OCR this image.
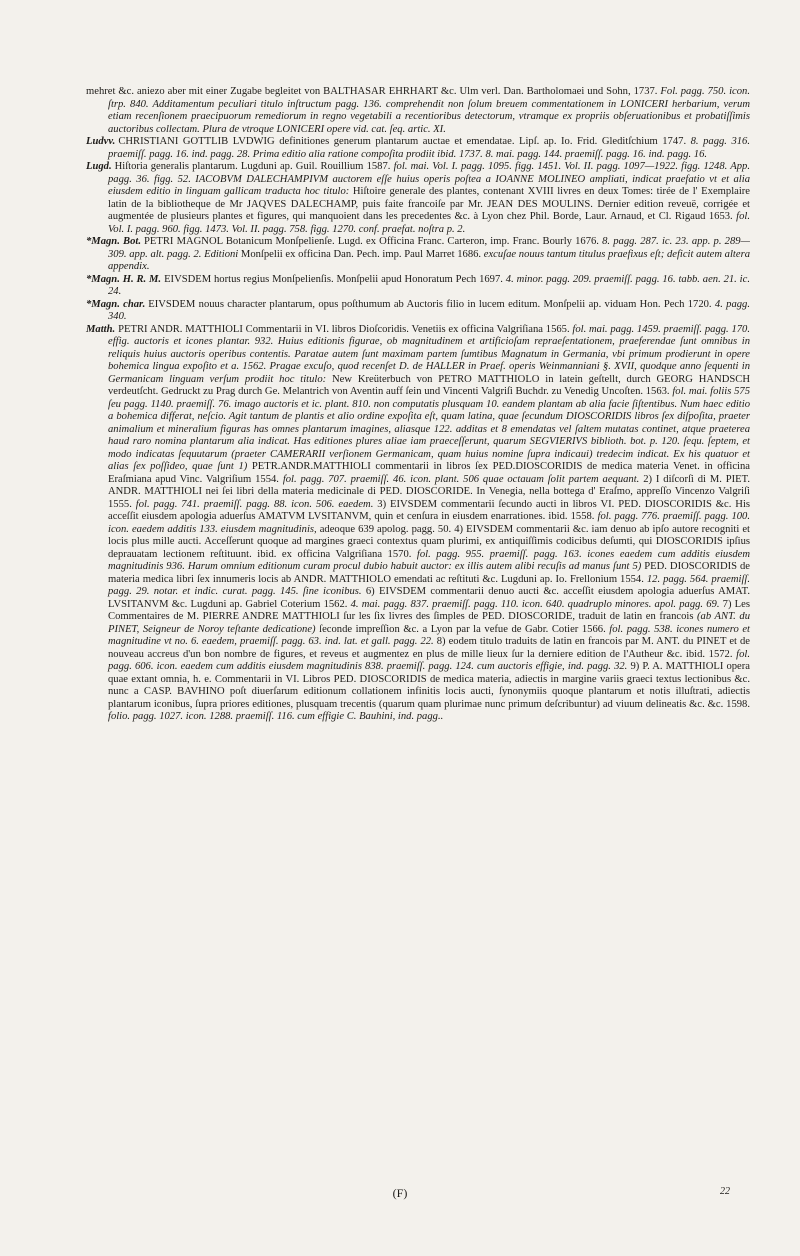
mehret &c. aniezo aber mit einer Zugabe begleitet von BALTHASAR EHRHART &c. Ulm verl. Dan. Bartholomaei und Sohn, 1737. Fol. pagg. 750. icon. ſtrp. 840. Additamentum peculiari titulo inſtructum pagg. 136. comprehendit non ſolum breuem commentationem in LONICERI herbarium, verum etiam recenſionem praecipuorum remediorum in regno vegetabili a recentioribus detectorum, vtramque ex propriis obſeruationibus et probatiſſimis auctoribus collectam. Plura de vtroque LONICERI opere vid. cat. ſeq. artic. XI.

Ludvv. CHRISTIANI GOTTLIB LVDWIG definitiones generum plantarum auctae et emendatae. Lipſ. ap. Io. Frid. Gleditſchium 1747. 8. pagg. 316. praemiſſ. pagg. 16. ind. pagg. 28. Prima editio alia ratione compoſita prodiit ibid. 1737. 8. mai. pagg. 144. praemiſſ. pagg. 16. ind. pagg. 16.

Lugd. Hiſtoria generalis plantarum. Lugduni ap. Guil. Rouillium 1587. fol. mai. Vol. I. pagg. 1095. figg. 1451. Vol. II. pagg. 1097—1922. figg. 1248. App. pagg. 36. figg. 52. IACOBVM DALECHAMPIVM auctorem eſſe huius operis poſtea a IOANNE MOLINEO ampliati, indicat praefatio vt et alia eiusdem editio in linguam gallicam traducta hoc titulo: Hiſtoire generale des plantes, contenant XVIII livres en deux Tomes: tirée de l' Exemplaire latin de la bibliotheque de Mr JAQVES DALECHAMP, puis faite francoiſe par Mr. JEAN DES MOULINS. Dernier edition reveuë, corrigée et augmentée de plusieurs plantes et figures, qui manquoient dans les precedentes &c. à Lyon chez Phil. Borde, Laur. Arnaud, et Cl. Rigaud 1653. fol. Vol. I. pagg. 960. figg. 1473. Vol. II. pagg. 758. figg. 1270. conf. praefat. noſtra p. 2.

*Magn. Bot. PETRI MAGNOL Botanicum Monſpelienſe. Lugd. ex Officina Franc. Carteron, imp. Franc. Bourly 1676. 8. pagg. 287. ic. 23. app. p. 289—309. app. alt. pagg. 2. Editioni Monſpelii ex officina Dan. Pech. imp. Paul Marret 1686. excuſae nouus tantum titulus praefixus eſt; deficit autem altera appendix.

*Magn. H. R. M. EIVSDEM hortus regius Monſpelienſis. Monſpelii apud Honoratum Pech 1697. 4. minor. pagg. 209. praemiſſ. pagg. 16. tabb. aen. 21. ic. 24.

*Magn. char. EIVSDEM nouus character plantarum, opus poſthumum ab Auctoris filio in lucem editum. Monſpelii ap. viduam Hon. Pech 1720. 4. pagg. 340.

Matth. PETRI ANDR. MATTHIOLI Commentarii in VI. libros Dioſcoridis. Venetiis ex officina Valgriſiana 1565. fol. mai. pagg. 1459. praemiſſ. pagg. 170. effig. auctoris et icones plantar. 932. Huius editionis figurae, ob magnitudinem et artificioſam repraeſentationem, praeferendae ſunt omnibus in reliquis huius auctoris operibus contentis. Paratae autem ſunt maximam partem ſumtibus Magnatum in Germania, vbi primum prodierunt in opere bohemica lingua expoſito et a. 1562. Pragae excuſo, quod recenſet D. de HALLER in Praef. operis Weinmanniani §. XVII, quodque anno ſequenti in Germanicam linguam verſum prodiit hoc titulo: New Kreüterbuch von PETRO MATTHIOLO in latein geſtellt, durch GEORG HANDSCH verdeutſcht. Gedruckt zu Prag durch Ge. Melantrich von Aventin auff ſein und Vincenti Valgriſi Buchdr. zu Venedig Uncoſten. 1563. fol. mai. foliis 575 ſeu pagg. 1140. praemiſſ. 76. imago auctoris et ic. plant. 810. non computatis plusquam 10. eandem plantam ab alia facie ſiſtentibus. Num haec editio a bohemica differat, neſcio. Agit tantum de plantis et alio ordine expoſita eſt, quam latina, quae ſecundum DIOSCORIDIS libros ſex diſpoſita, praeter animalium et mineralium figuras has omnes plantarum imagines, aliasque 122. additas et 8 emendatas vel ſaltem mutatas continet, atque praeterea haud raro nomina plantarum alia indicat. Has editiones plures aliae iam praeceſſerunt, quarum SEGVIERIVS biblioth. bot. p. 120. ſequ. ſeptem, et modo indicatas ſequutarum (praeter CAMERARII verſionem Germanicam, quam huius nomine ſupra indicaui) tredecim indicat. Ex his quatuor et alias ſex poſſideo, quae ſunt 1) PETR.ANDR.MATTHIOLI commentarii in libros ſex PED.DIOSCORIDIS de medica materia Venet. in officina Eraſmiana apud Vinc. Valgriſium 1554. fol. pagg. 707. praemiſſ. 46. icon. plant. 506 quae octauam ſolit partem aequant. 2) I diſcorſi di M. PIET. ANDR. MATTHIOLI nei ſei libri della materia medicinale di PED. DIOSCORIDE. In Venegia, nella bottega d' Eraſmo, appreſſo Vincenzo Valgriſi 1555. fol. pagg. 741. praemiſſ. pagg. 88. icon. 506. eaedem. 3) EIVSDEM commentarii ſecundo aucti in libros VI. PED. DIOSCORIDIS &c. His acceſſit eiusdem apologia aduerſus AMATVM LVSITANVM, quin et cenſura in eiusdem enarrationes. ibid. 1558. fol. pagg. 776. praemiſſ. pagg. 100. icon. eaedem additis 133. eiusdem magnitudinis, adeoque 639 apolog. pagg. 50. 4) EIVSDEM commentarii &c. iam denuo ab ipſo autore recogniti et locis plus mille aucti. Acceſſerunt quoque ad margines graeci contextus quam plurimi, ex antiquiſſimis codicibus deſumti, qui DIOSCORIDIS ipſius deprauatam lectionem reſtituunt. ibid. ex officina Valgriſiana 1570. fol. pagg. 955. praemiſſ. pagg. 163. icones eaedem cum additis eiusdem magnitudinis 936. Harum omnium editionum curam procul dubio habuit auctor: ex illis autem alibi recuſis ad manus ſunt 5) PED. DIOSCORIDIS de materia medica libri ſex innumeris locis ab ANDR. MATTHIOLO emendati ac reſtituti &c. Lugduni ap. Io. Frellonium 1554. 12. pagg. 564. praemiſſ. pagg. 29. notar. et indic. curat. pagg. 145. ſine iconibus. 6) EIVSDEM commentarii denuo aucti &c. acceſſit eiusdem apologia aduerſus AMAT. LVSITANVM &c. Lugduni ap. Gabriel Coterium 1562. 4. mai. pagg. 837. praemiſſ. pagg. 110. icon. 640. quadruplo minores. apol. pagg. 69. 7) Les Commentaires de M. PIERRE ANDRE MATTHIOLI ſur les ſix livres des ſimples de PED. DIOSCORIDE, traduit de latin en francois (ab ANT. du PINET, Seigneur de Noroy teſtante dedicatione) ſeconde impreſſion &c. a Lyon par la vefue de Gabr. Cotier 1566. fol. pagg. 538. icones numero et magnitudine vt no. 6. eaedem, praemiſſ. pagg. 63. ind. lat. et gall. pagg. 22. 8) eodem titulo traduits de latin en francois par M. ANT. du PINET et de nouveau accreus d'un bon nombre de figures, et reveus et augmentez en plus de mille lieux ſur la derniere edition de l'Autheur &c. ibid. 1572. fol. pagg. 606. icon. eaedem cum additis eiusdem magnitudinis 838. praemiſſ. pagg. 124. cum auctoris effigie, ind. pagg. 32. 9) P. A. MATTHIOLI opera quae extant omnia, h. e. Commentarii in VI. Libros PED. DIOSCORIDIS de medica materia, adiectis in margine variis graeci textus lectionibus &c. nunc a CASP. BAVHINO poſt diuerſarum editionum collationem infinitis locis aucti, ſynonymiis quoque plantarum et notis illuſtrati, adiectis plantarum iconibus, ſupra priores editiones, plusquam trecentis (quarum quam plurimae nunc primum deſcribuntur) ad viuum delineatis &c. &c. 1598. folio. pagg. 1027. icon. 1288. praemiſſ. 116. cum effigie C. Bauhini, ind. pagg..

(F)	22
